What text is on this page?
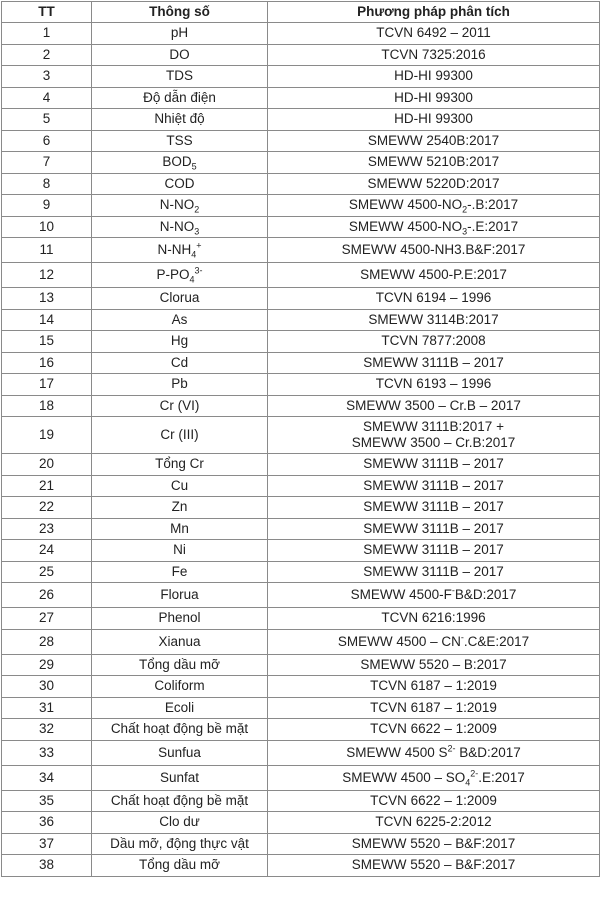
TT	Thông số	Phương pháp phân tích
1	pH	TCVN 6492 – 2011
2	DO	TCVN 7325:2016
3	TDS	HD-HI 99300
4	Độ dẫn điện	HD-HI 99300
5	Nhiệt độ	HD-HI 99300
6	TSS	SMEWW 2540B:2017
7	$BOD_5$	SMEWW 5210B:2017
8	COD	SMEWW 5220D:2017
9	$N-NO_2$	SMEWW $4500-NO_2-.B:2017$
10	$N-NO_3$	SMEWW $4500-NO_3-.E:2017$
11	$N-NH_4^+$	SMEWW 4500-NH3.B&F:2017
12	$P-PO_4^{3-}$	SMEWW 4500-P.E:2017
13	Clorua	TCVN 6194 – 1996
14	As	SMEWW 3114B:2017
15	Hg	TCVN 7877:2008
16	Cd	SMEWW 3111B – 2017
17	Pb	TCVN 6193 – 1996
18	Cr (VI)	SMEWW 3500 – Cr.B – 2017
19	Cr (III)	SMEWW 3111B:2017 +
SMEWW 3500 – Cr.B:2017

20	Tổng Cr	SMEWW 3111B – 2017
21	Cu	SMEWW 3111B – 2017
22	Zn	SMEWW 3111B – 2017
23	Mn	SMEWW 3111B – 2017
24	Ni	SMEWW 3111B – 2017
25	Fe	SMEWW 3111B – 2017
26	Florua	SMEWW 4500-F-B&D:2017
27	Phenol	TCVN 6216:1996
28	Xianua	SMEWW 4500 – CN-.C&E:2017
29	Tổng dầu mỡ	SMEWW 5520 – B:2017
30	Coliform	TCVN 6187 – 1:2019
31	Ecoli	TCVN 6187 – 1:2019
32	Chất hoạt động bề mặt	TCVN 6622 – 1:2009
33	Sunfua	SMEWW 4500 $S^{2-}$ B&D:2017
34	Sunfat	SMEWW $4500 - SO_4^{2-}.E:2017$
35	Chất hoạt động bề mặt	TCVN 6622 – 1:2009
36	Clo dư	TCVN 6225-2:2012
37	Dầu mỡ, động thực vật	SMEWW 5520 – B&F:2017
38	Tổng dầu mỡ	SMEWW 5520 – B&F:2017
